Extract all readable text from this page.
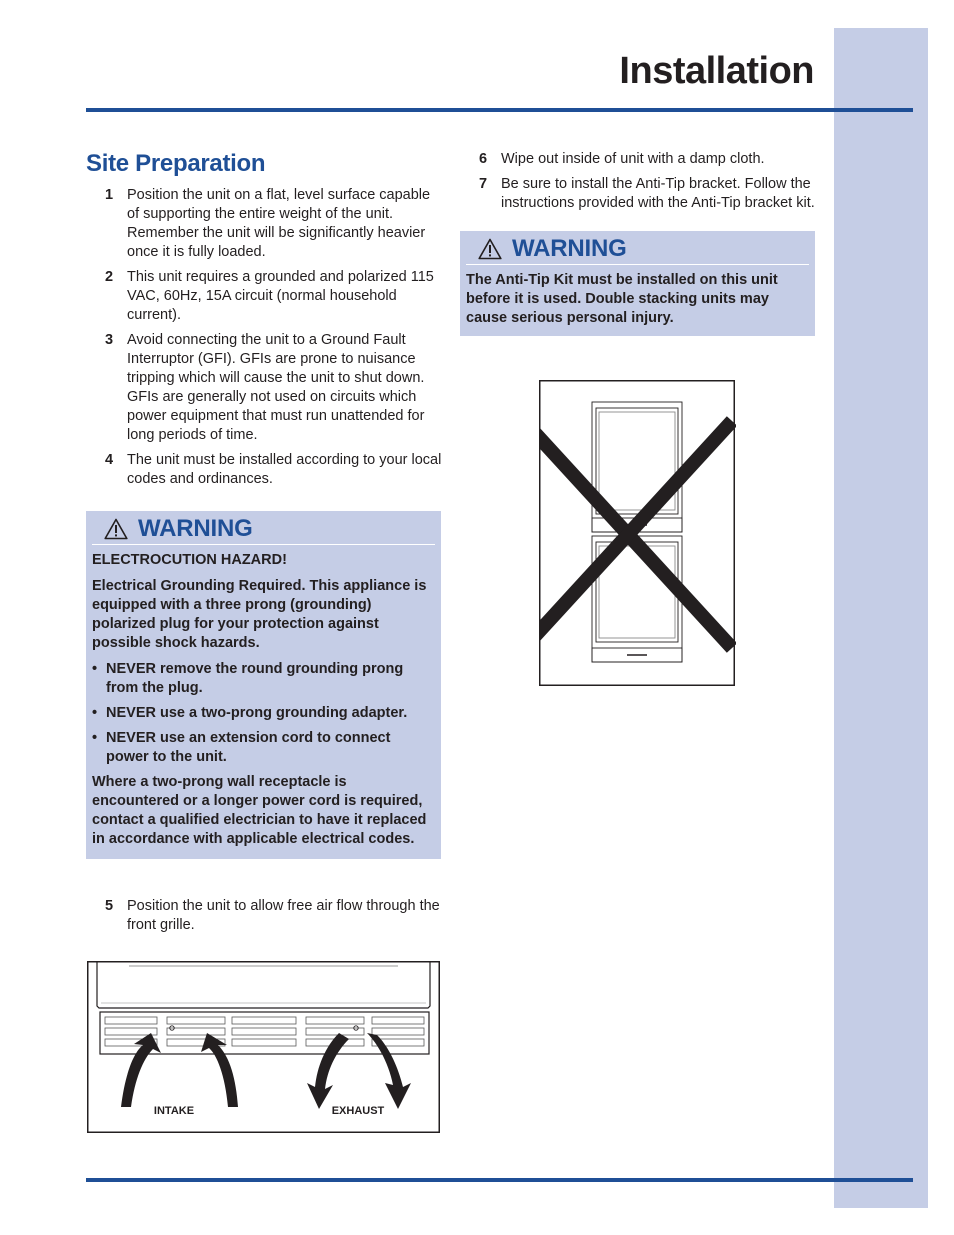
Installation
Site Preparation
1 Position the unit on a flat, level surface capable of supporting the entire weight of the unit. Remember the unit will be significantly heavier once it is fully loaded.
2 This unit requires a grounded and polarized 115 VAC, 60Hz, 15A circuit (normal household current).
3 Avoid connecting the unit to a Ground Fault Interruptor (GFI). GFIs are prone to nuisance tripping which will cause the unit to shut down. GFIs are generally not used on circuits which power equipment that must run unattended for long periods of time.
4 The unit must be installed according to your local codes and ordinances.
WARNING

ELECTROCUTION HAZARD!

Electrical Grounding Required. This appliance is equipped with a three prong (grounding) polarized plug for your protection against possible shock hazards.

• NEVER remove the round grounding prong from the plug.
• NEVER use a two-prong grounding adapter.
• NEVER use an extension cord to connect power to the unit.

Where a two-prong wall receptacle is encountered or a longer power cord is required, contact a qualified electrician to have it replaced in accordance with applicable electrical codes.

5 Position the unit to allow free air flow through the front grille.
INTAKE	EXHAUST
6 Wipe out inside of unit with a damp cloth.
7 Be sure to install the Anti-Tip bracket. Follow the instructions provided with the Anti-Tip bracket kit.
WARNING

The Anti-Tip Kit must be installed on this unit before it is used. Double stacking units may cause serious personal injury.
